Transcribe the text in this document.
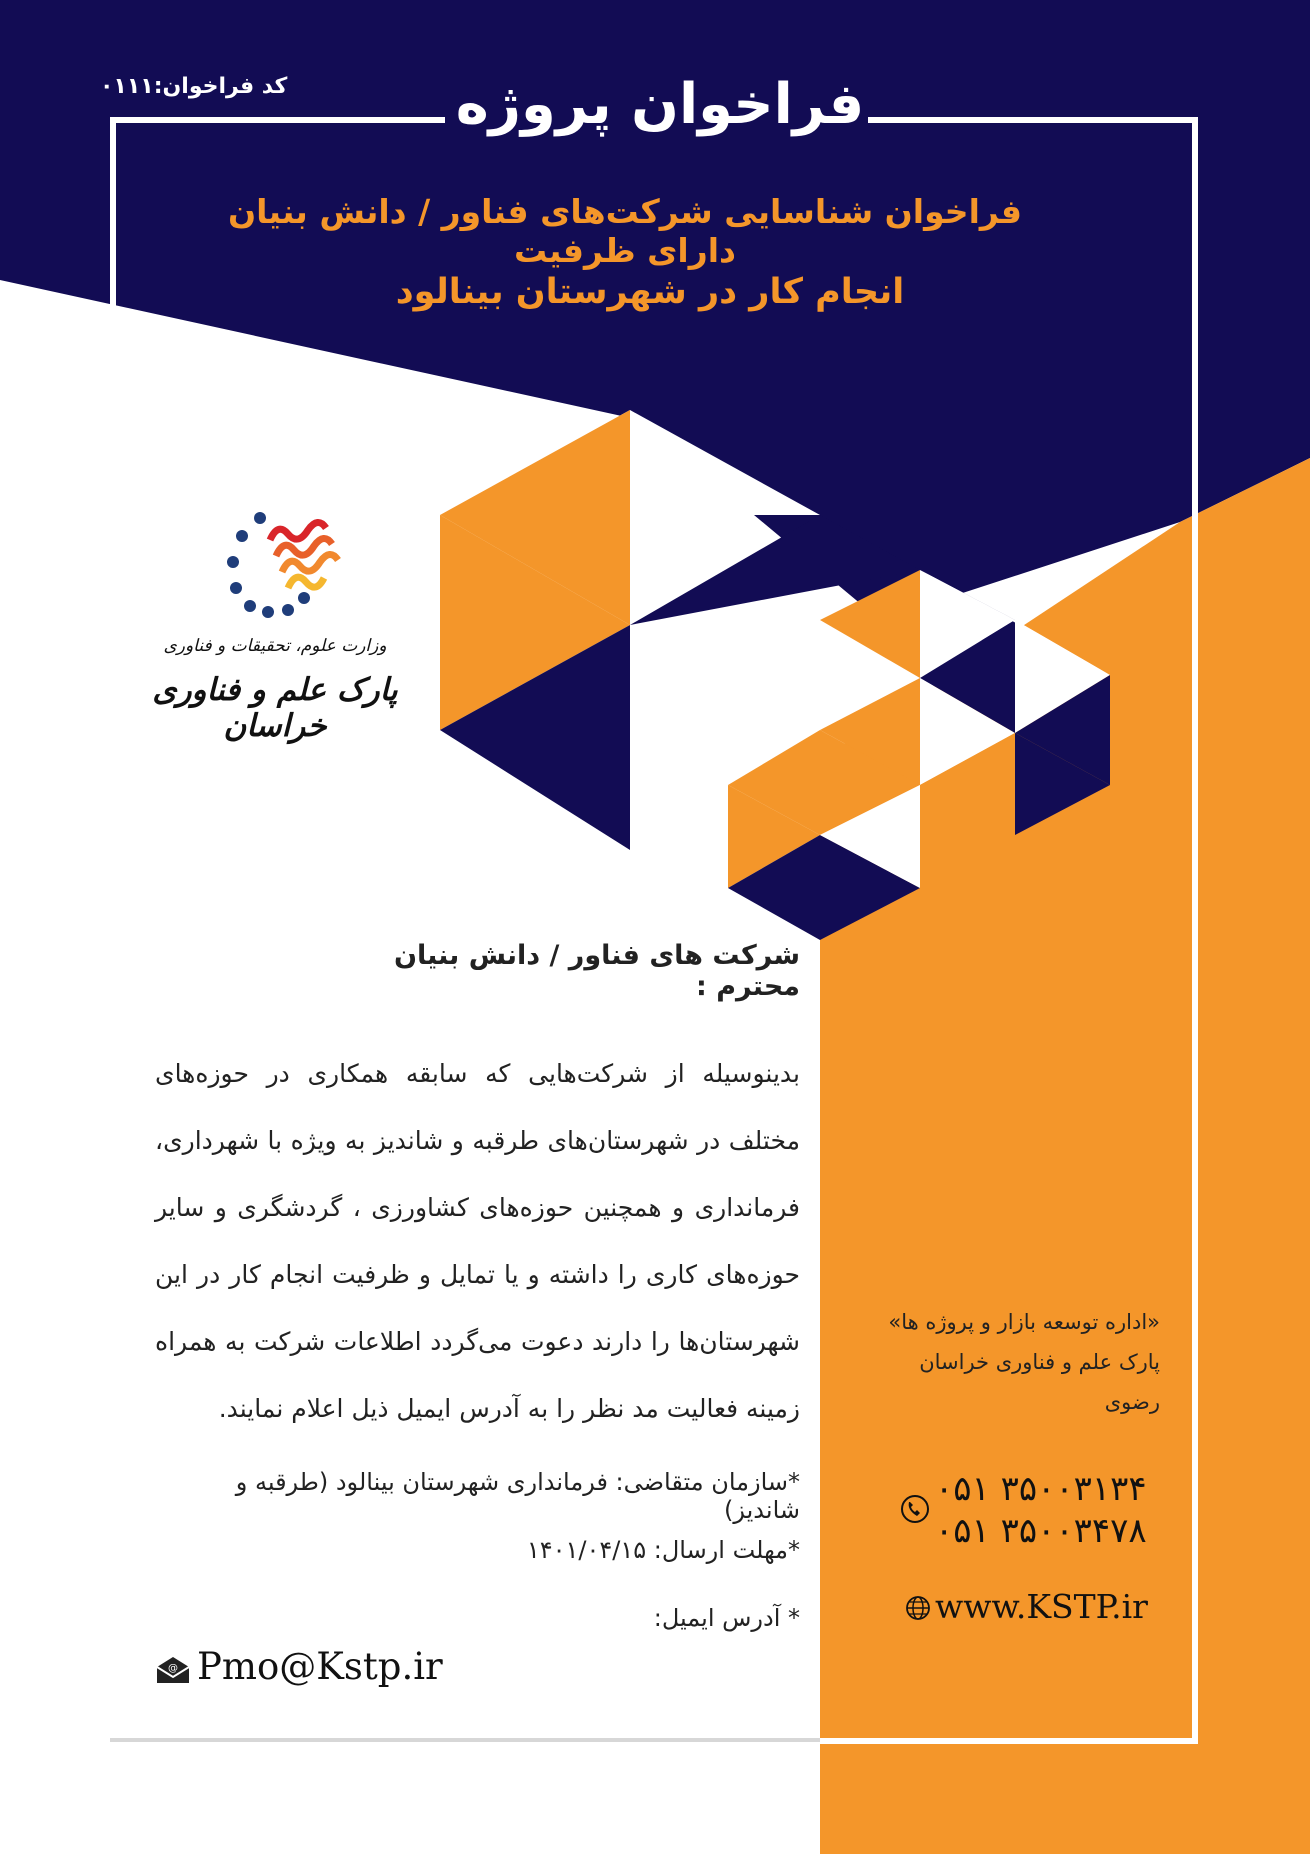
فراخوان پروژه
کد فراخوان:۰۱۱۱
فراخوان شناسایی شرکت‌های فناور / دانش بنیان دارای ظرفیت
انجام کار در شهرستان بینالود
وزارت علوم، تحقیقات و فناوری
پارک علم و فناوری خراسان
شرکت های فناور / دانش بنیان محترم :
بدینوسیله از شرکت‌هایی که سابقه همکاری در حوزه‌های مختلف در شهرستان‌های طرقبه و شاندیز به ویژه با شهرداری، فرمانداری و همچنین حوزه‌های کشاورزی ، گردشگری و سایر حوزه‌های کاری را داشته و یا تمایل و ظرفیت انجام کار در این شهرستان‌ها را دارند دعوت می‌گردد اطلاعات شرکت به همراه زمینه فعالیت مد نظر را به آدرس ایمیل ذیل اعلام نمایند.
*سازمان متقاضی: فرمانداری شهرستان بینالود (طرقبه و شاندیز)
*مهلت ارسال: ۱۴۰۱/۰۴/۱۵
* آدرس ایمیل:
@ Pmo@Kstp.ir
«اداره توسعه بازار و پروژه ها»
پارک علم و فناوری خراسان رضوی
۰۵۱ ۳۵۰۰۳۱۳۴
۰۵۱ ۳۵۰۰۳۴۷۸
www.KSTP.ir
